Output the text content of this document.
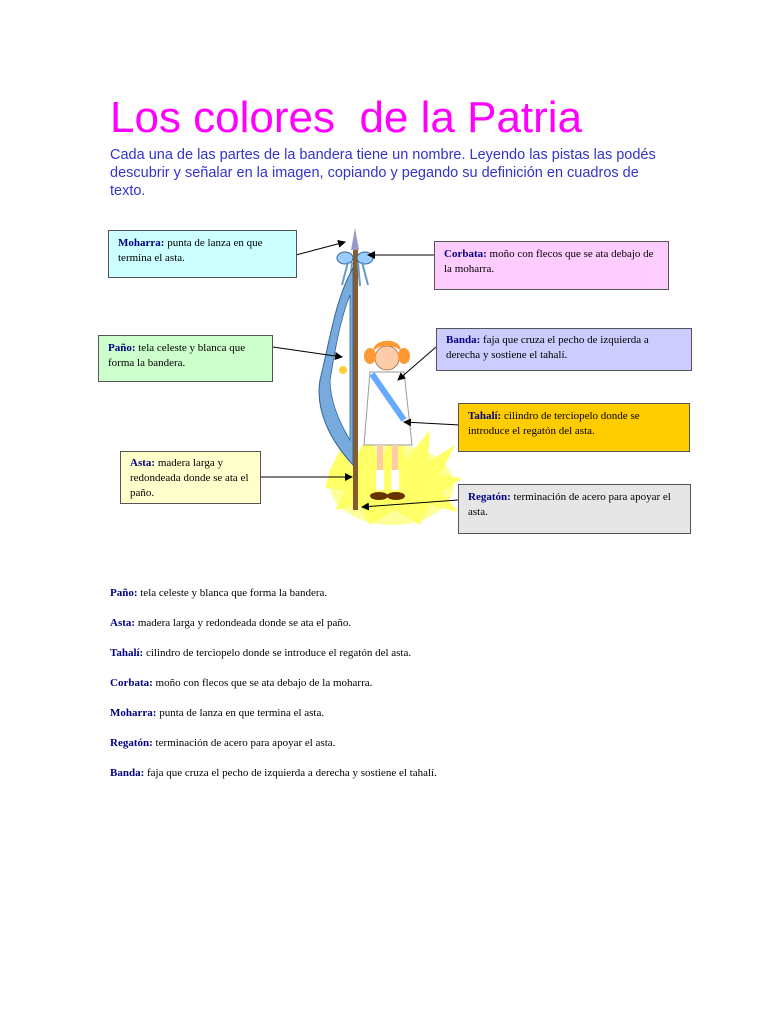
Los colores  de la Patria
Cada una de las partes de la bandera tiene un nombre. Leyendo las pistas las podés descubrir y señalar en la imagen, copiando y pegando su definición en cuadros de texto.
Moharra: punta de lanza en que termina el asta.	Corbata: moño con flecos que se ata debajo de la moharra.
Paño: tela celeste y blanca que forma la bandera.
Banda: faja que cruza el pecho de izquierda a derecha y sostiene el tahalí.
Tahalí: cilindro de terciopelo donde se introduce el regatón del asta.
Asta: madera larga y redondeada donde se ata el paño.	Regatón: terminación de acero para apoyar el asta.

Paño: tela celeste y blanca que forma la bandera.

Asta: madera larga y redondeada donde se ata el paño.

Tahalí: cilindro de terciopelo donde se introduce el regatón del asta.

Corbata: moño con flecos que se ata debajo de la moharra.

Moharra: punta de lanza en que termina el asta.

Regatón: terminación de acero para apoyar el asta.

Banda: faja que cruza el pecho de izquierda a derecha y sostiene el tahalí.
